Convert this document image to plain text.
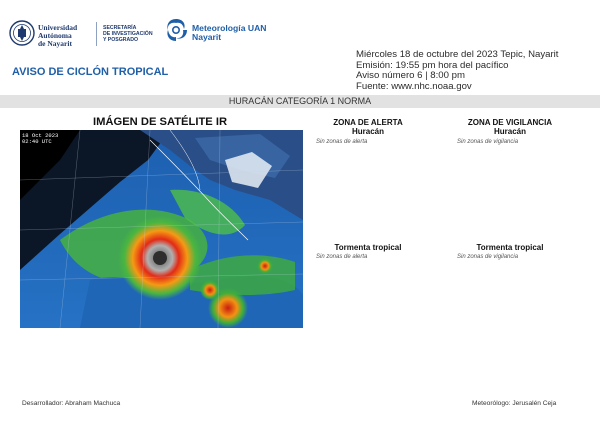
Universidad
Autónoma
de Nayarit
SECRETARÍA
DE INVESTIGACIÓN
Y POSGRADO
Meteorología UAN
Nayarit
AVISO DE CICLÓN TROPICAL
Miércoles 18 de octubre del 2023 Tepic, Nayarit
Emisión: 19:55 pm hora del pacífico
Aviso número 6 | 8:00 pm
Fuente: www.nhc.noaa.gov
HURACÁN CATEGORÍA 1 NORMA
IMÁGEN DE SATÉLITE IR
18 Oct 2023
02:40 UTC
ZONA DE ALERTA
Huracán
Sin zonas de alerta
ZONA DE VIGILANCIA
Huracán
Sin zonas de vigilancia
Tormenta tropical
Sin zonas de alerta
Tormenta tropical
Sin zonas de vigilancia
Desarrollador: Abraham Machuca	Meteorólogo: Jerusalén Ceja
